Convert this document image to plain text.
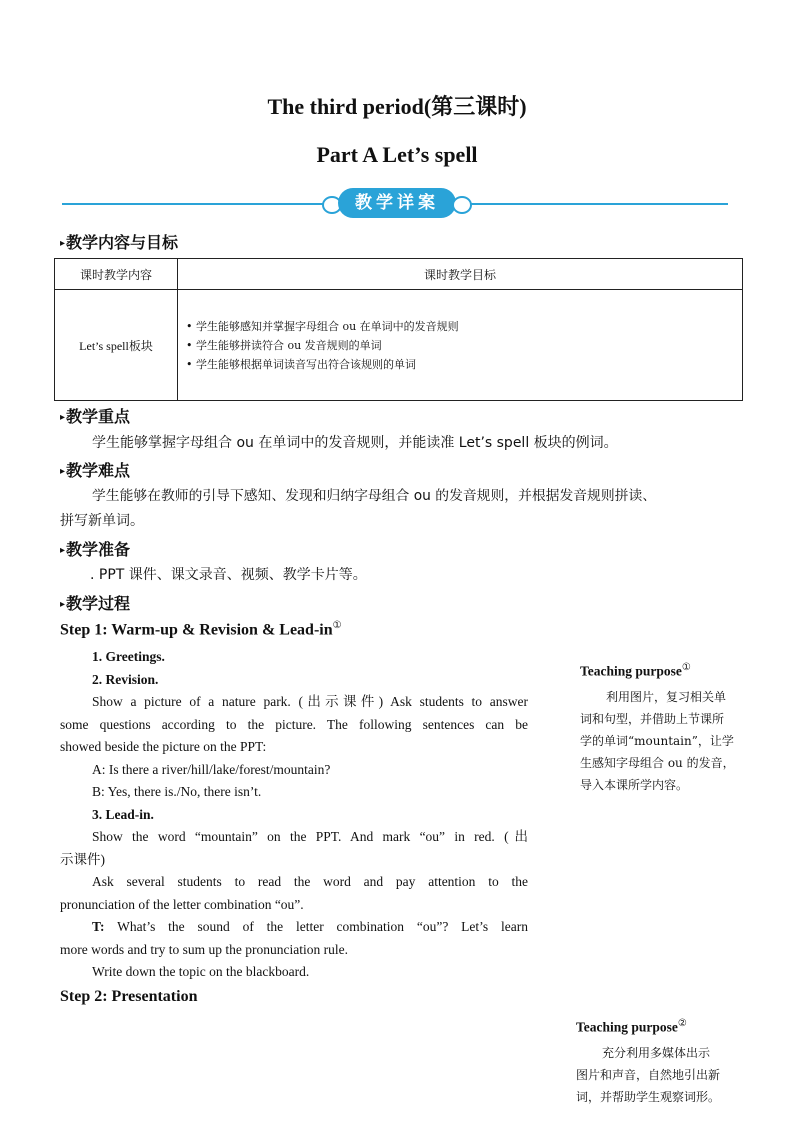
The third period(第三课时)
Part A Let’s spell
教学详案
▸教学内容与目标
课时教学内容	课时教学目标
Let’s spell板块	• 学生能够感知并掌握字母组合 ou 在单词中的发音规则
• 学生能够拼读符合 ou 发音规则的单词
• 学生能够根据单词读音写出符合该规则的单词
▸教学重点
学生能够掌握字母组合 ou 在单词中的发音规则，并能读准 Let’s spell 板块的例词。
▸教学难点
学生能够在教师的引导下感知、发现和归纳字母组合 ou 的发音规则，并根据发音规则拼读、
拼写新单词。
▸教学准备
. PPT 课件、课文录音、视频、教学卡片等。
▸教学过程
Step 1: Warm-up & Revision & Lead-in①
1. Greetings.
2. Revision.
Show a picture of a nature park. (出示课件) Ask students to answer
some questions according to the picture. The following sentences can be
showed beside the picture on the PPT:
A: Is there a river/hill/lake/forest/mountain?
B: Yes, there is./No, there isn’t.
3. Lead-in.
Show the word “mountain” on the PPT. And mark “ou” in red. (出
示课件)
Ask several students to read the word and pay attention to the
pronunciation of the letter combination “ou”.
T: What’s the sound of the letter combination “ou”? Let’s learn
more words and try to sum up the pronunciation rule.
Write down the topic on the blackboard.
Step 2: Presentation
Teaching purpose①
利用图片，复习相关单
词和句型，并借助上节课所
学的单词“mountain”，让学
生感知字母组合 ou 的发音，
导入本课所学内容。
Teaching purpose②
充分利用多媒体出示
图片和声音，自然地引出新
词，并帮助学生观察词形。
